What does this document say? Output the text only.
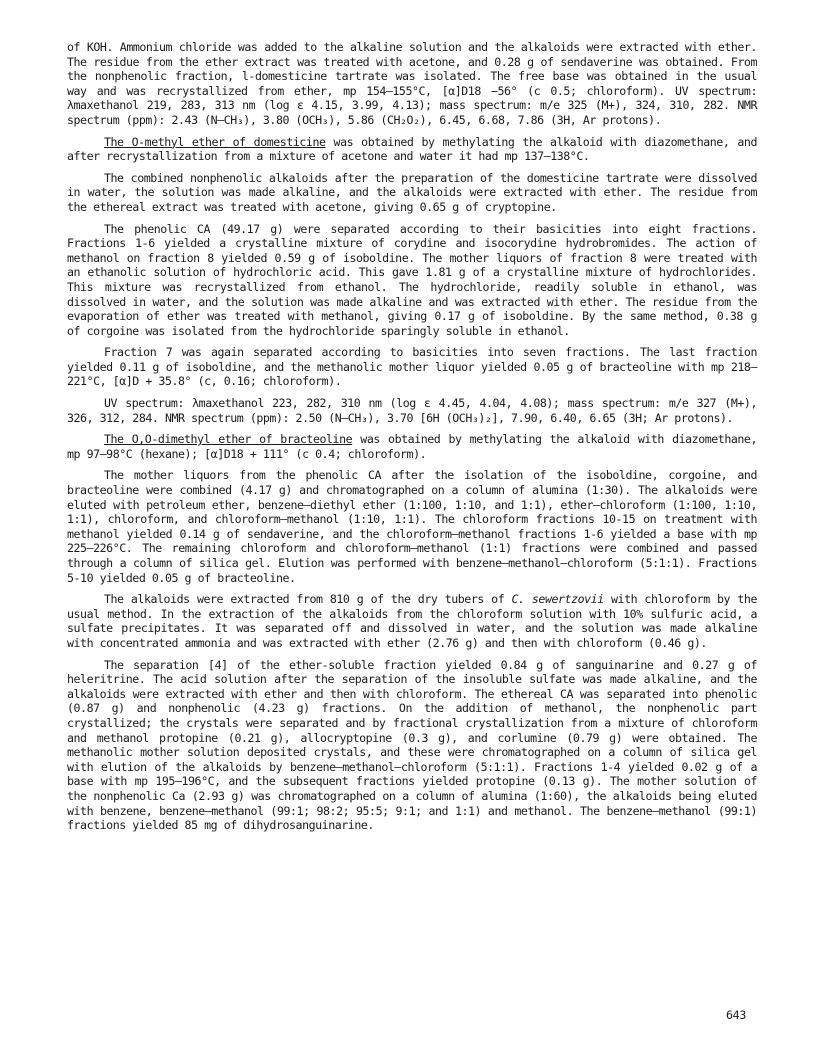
of KOH. Ammonium chloride was added to the alkaline solution and the alkaloids were extracted with ether. The residue from the ether extract was treated with acetone, and 0.28 g of sendaverine was obtained. From the nonphenolic fraction, l-domesticine tartrate was isolated. The free base was obtained in the usual way and was recrystallized from ether, mp 154–155°C, [α]D18 −56° (c 0.5; chloroform). UV spectrum: λmaxethanol 219, 283, 313 nm (log ε 4.15, 3.99, 4.13); mass spectrum: m/e 325 (M+), 324, 310, 282. NMR spectrum (ppm): 2.43 (N–CH₃), 3.80 (OCH₃), 5.86 (CH₂O₂), 6.45, 6.68, 7.86 (3H, Ar protons).

The O-methyl ether of domesticine was obtained by methylating the alkaloid with diazomethane, and after recrystallization from a mixture of acetone and water it had mp 137–138°C.

The combined nonphenolic alkaloids after the preparation of the domesticine tartrate were dissolved in water, the solution was made alkaline, and the alkaloids were extracted with ether. The residue from the ethereal extract was treated with acetone, giving 0.65 g of cryptopine.

The phenolic CA (49.17 g) were separated according to their basicities into eight fractions. Fractions 1-6 yielded a crystalline mixture of corydine and isocorydine hydrobromides. The action of methanol on fraction 8 yielded 0.59 g of isoboldine. The mother liquors of fraction 8 were treated with an ethanolic solution of hydrochloric acid. This gave 1.81 g of a crystalline mixture of hydrochlorides. This mixture was recrystallized from ethanol. The hydrochloride, readily soluble in ethanol, was dissolved in water, and the solution was made alkaline and was extracted with ether. The residue from the evaporation of ether was treated with methanol, giving 0.17 g of isoboldine. By the same method, 0.38 g of corgoine was isolated from the hydrochloride sparingly soluble in ethanol.

Fraction 7 was again separated according to basicities into seven fractions. The last fraction yielded 0.11 g of isoboldine, and the methanolic mother liquor yielded 0.05 g of bracteoline with mp 218–221°C, [α]D + 35.8° (c, 0.16; chloroform).

UV spectrum: λmaxethanol 223, 282, 310 nm (log ε 4.45, 4.04, 4.08); mass spectrum: m/e 327 (M+), 326, 312, 284. NMR spectrum (ppm): 2.50 (N–CH₃), 3.70 [6H (OCH₃)₂], 7.90, 6.40, 6.65 (3H; Ar protons).

The O,O-dimethyl ether of bracteoline was obtained by methylating the alkaloid with diazomethane, mp 97–98°C (hexane); [α]D18 + 111° (c 0.4; chloroform).

The mother liquors from the phenolic CA after the isolation of the isoboldine, corgoine, and bracteoline were combined (4.17 g) and chromatographed on a column of alumina (1:30). The alkaloids were eluted with petroleum ether, benzene–diethyl ether (1:100, 1:10, and 1:1), ether–chloroform (1:100, 1:10, 1:1), chloroform, and chloroform–methanol (1:10, 1:1). The chloroform fractions 10-15 on treatment with methanol yielded 0.14 g of sendaverine, and the chloroform–methanol fractions 1-6 yielded a base with mp 225–226°C. The remaining chloroform and chloroform–methanol (1:1) fractions were combined and passed through a column of silica gel. Elution was performed with benzene–methanol–chloroform (5:1:1). Fractions 5-10 yielded 0.05 g of bracteoline.

The alkaloids were extracted from 810 g of the dry tubers of C. sewertzovii with chloroform by the usual method. In the extraction of the alkaloids from the chloroform solution with 10% sulfuric acid, a sulfate precipitates. It was separated off and dissolved in water, and the solution was made alkaline with concentrated ammonia and was extracted with ether (2.76 g) and then with chloroform (0.46 g).

The separation [4] of the ether-soluble fraction yielded 0.84 g of sanguinarine and 0.27 g of heleritrine. The acid solution after the separation of the insoluble sulfate was made alkaline, and the alkaloids were extracted with ether and then with chloroform. The ethereal CA was separated into phenolic (0.87 g) and nonphenolic (4.23 g) fractions. On the addition of methanol, the nonphenolic part crystallized; the crystals were separated and by fractional crystallization from a mixture of chloroform and methanol protopine (0.21 g), allocryptopine (0.3 g), and corlumine (0.79 g) were obtained. The methanolic mother solution deposited crystals, and these were chromatographed on a column of silica gel with elution of the alkaloids by benzene–methanol–chloroform (5:1:1). Fractions 1-4 yielded 0.02 g of a base with mp 195–196°C, and the subsequent fractions yielded protopine (0.13 g). The mother solution of the nonphenolic Ca (2.93 g) was chromatographed on a column of alumina (1:60), the alkaloids being eluted with benzene, benzene–methanol (99:1; 98:2; 95:5; 9:1; and 1:1) and methanol. The benzene–methanol (99:1) fractions yielded 85 mg of dihydrosanguinarine.

643
